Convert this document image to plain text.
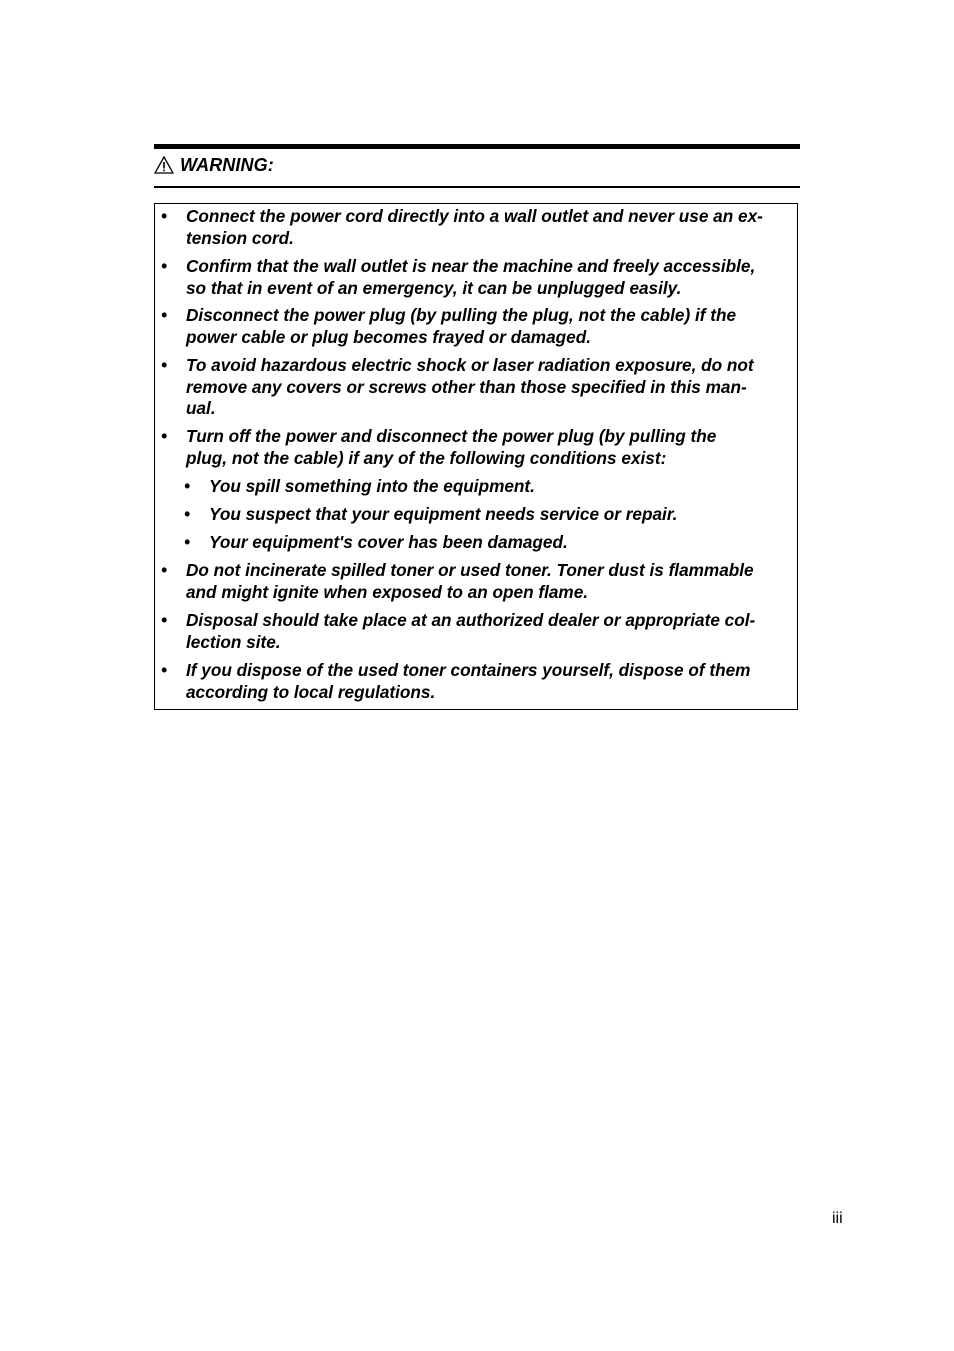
WARNING:
• Connect the power cord directly into a wall outlet and never use an ex-
tension cord.
• Confirm that the wall outlet is near the machine and freely accessible,
so that in event of an emergency, it can be unplugged easily.
• Disconnect the power plug (by pulling the plug, not the cable) if the
power cable or plug becomes frayed or damaged.
• To avoid hazardous electric shock or laser radiation exposure, do not
remove any covers or screws other than those specified in this man-
ual.
• Turn off the power and disconnect the power plug (by pulling the
plug, not the cable) if any of the following conditions exist:
• You spill something into the equipment.
• You suspect that your equipment needs service or repair.
• Your equipment's cover has been damaged.
• Do not incinerate spilled toner or used toner. Toner dust is flammable
and might ignite when exposed to an open flame.
• Disposal should take place at an authorized dealer or appropriate col-
lection site.
• If you dispose of the used toner containers yourself, dispose of them
according to local regulations.
iii
